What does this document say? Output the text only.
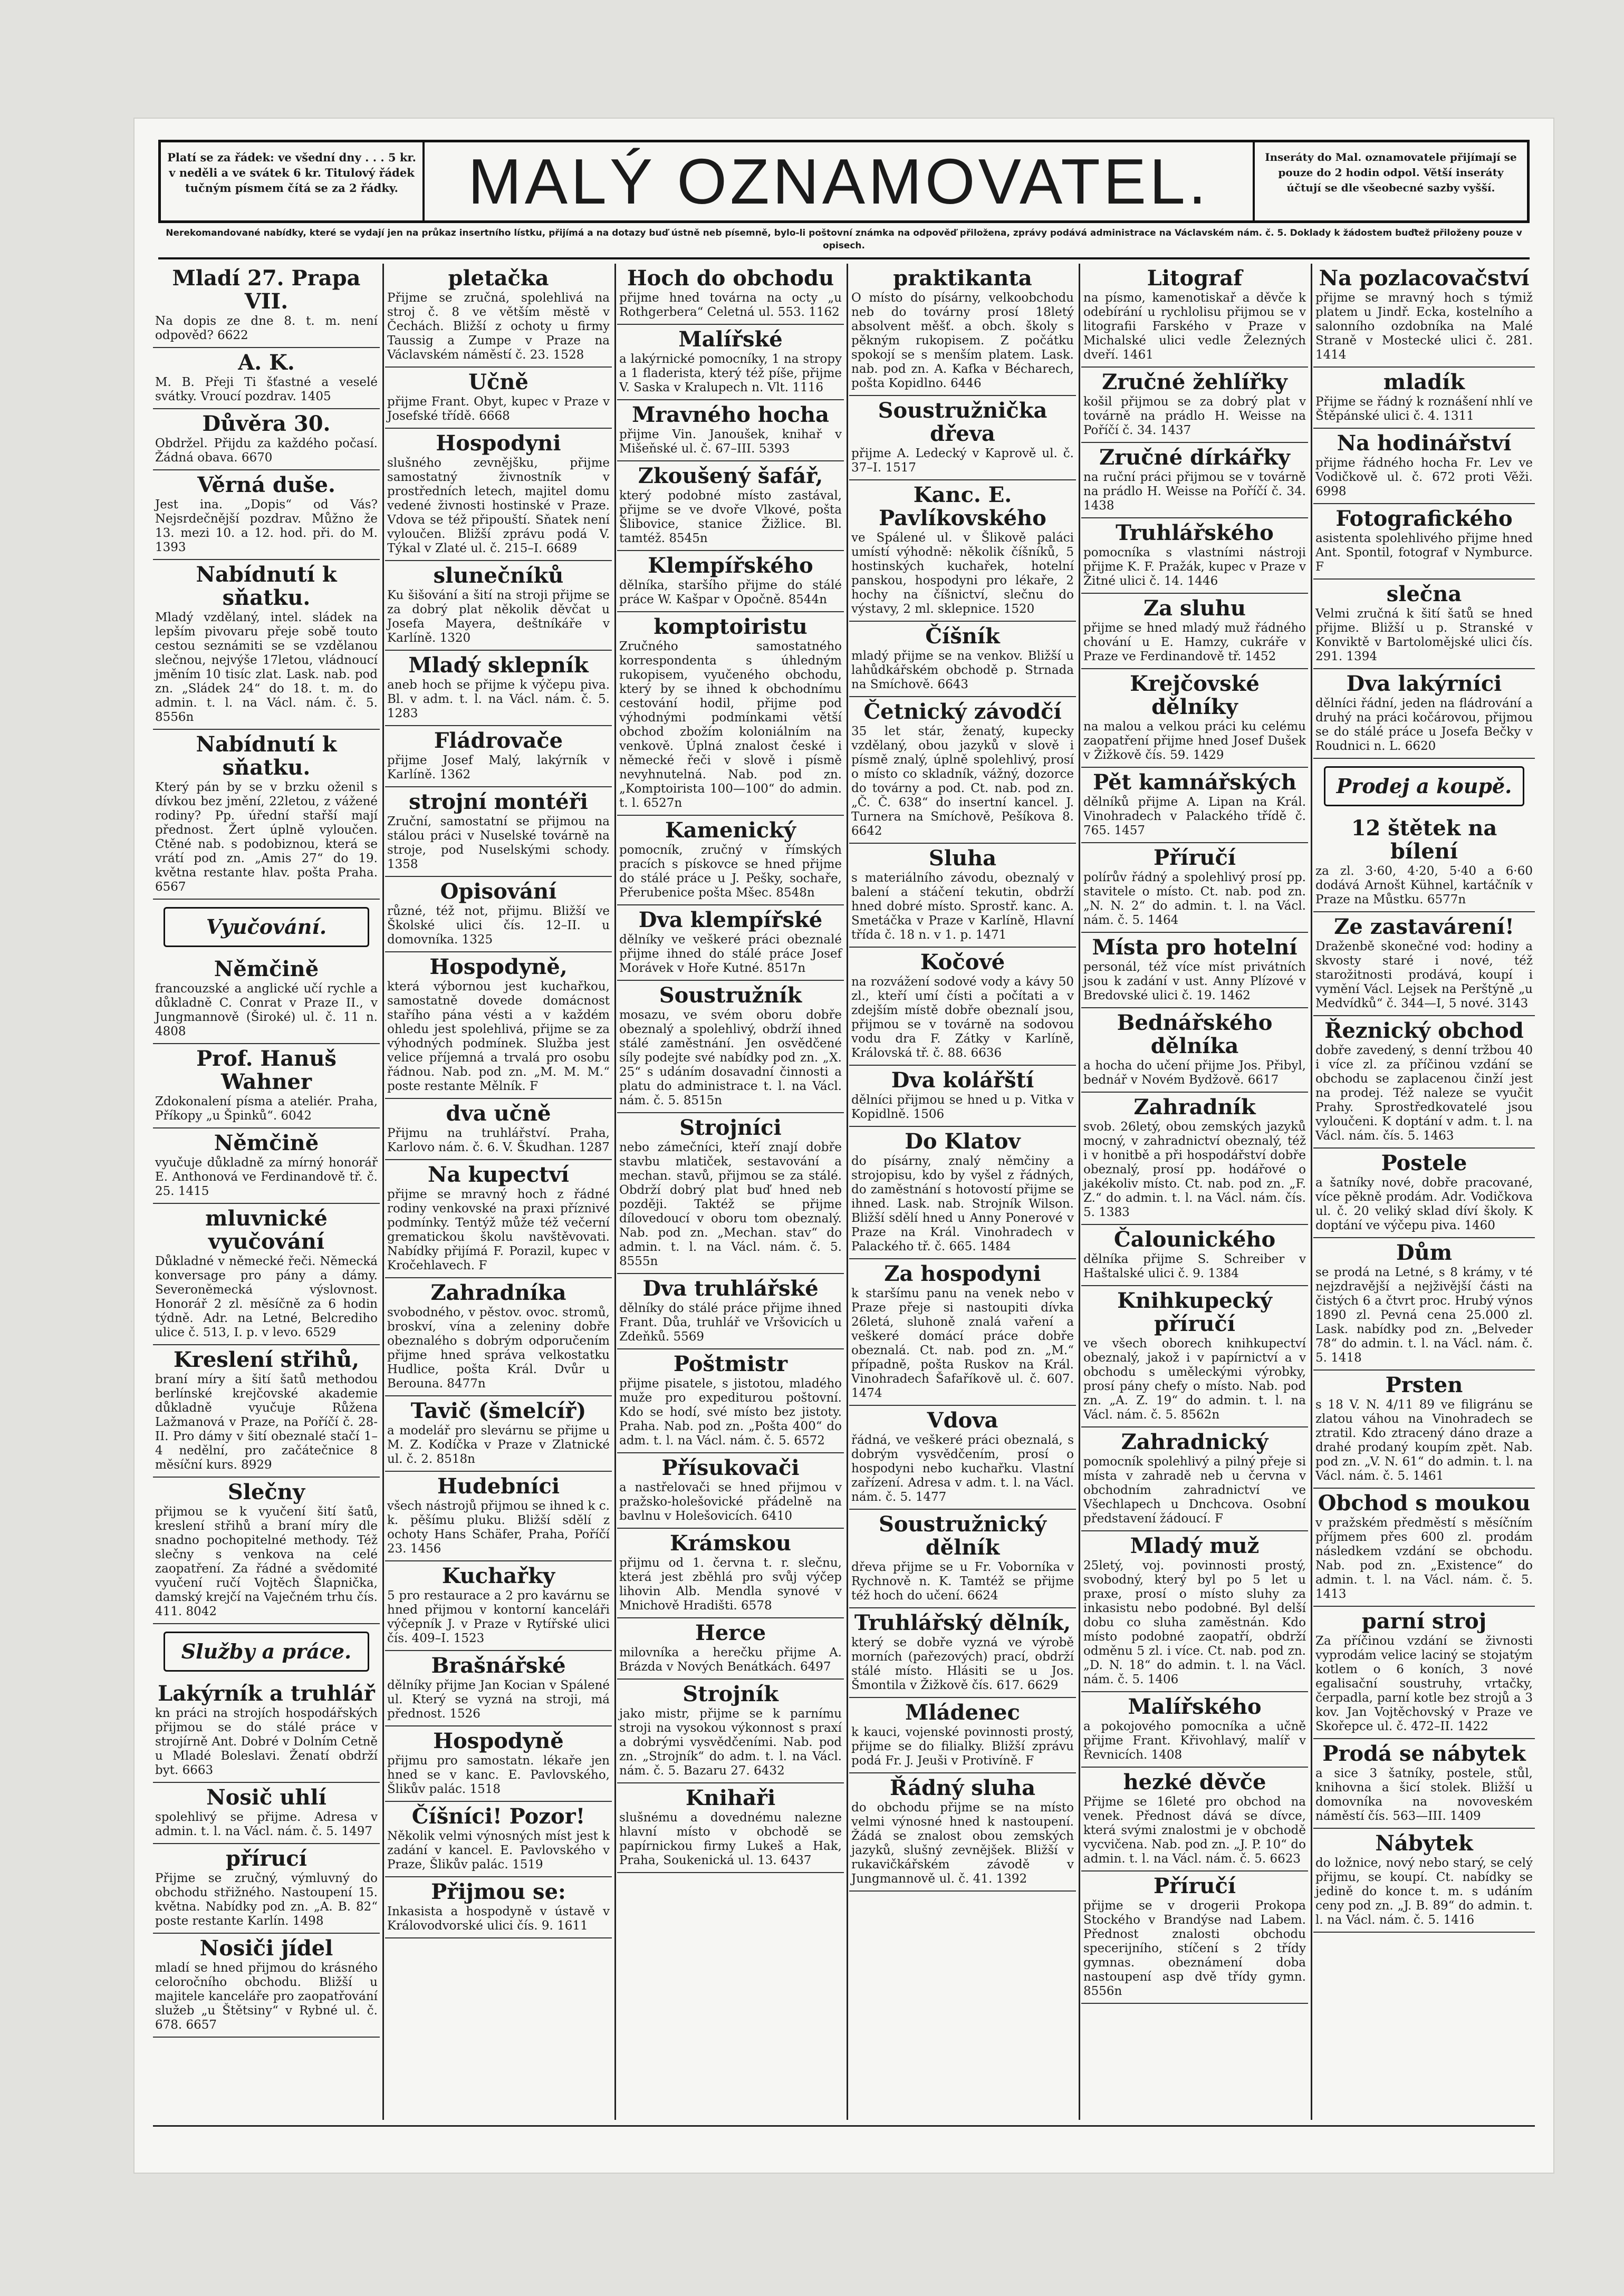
Platí se za řádek: ve všední dny . . . 5 kr. v neděli a ve svátek 6 kr. Titulový řádek tučným písmem čítá se za 2 řádky.	MALÝ OZNAMOVATEL.	Inseráty do Mal. oznamovatele přijímají se pouze do 2 hodin odpol. Větší inseráty účtují se dle všeobecné sazby vyšší.
Nerekomandované nabídky, které se vydají jen na průkaz insertního lístku, přijímá a na dotazy buď ústně neb písemně, bylo-li poštovní známka na odpověď přiložena, zprávy podává administrace na Václavském nám. č. 5. Doklady k žádostem buďtež přiloženy pouze v opisech.
Mladí 27. Prapa VII.
Na dopis ze dne 8. t. m. není odpověd? 6622
A. K.
M. B. Přeji Ti šťastné a veselé svátky. Vroucí pozdrav. 1405
Důvěra 30.
Obdržel. Přijdu za každého počasí. Žádná obava. 6670
Věrná duše.
Jest ina. „Dopis“ od Vás? Nejsrdečnější pozdrav. Můžno že 13. mezi 10. a 12. hod. při. do M. 1393
Nabídnutí k sňatku.
Mladý vzdělaný, intel. sládek na lepším pivovaru přeje sobě touto cestou seznámiti se se vzdělanou slečnou, nejvýše 17letou, vládnoucí jměním 10 tisíc zlat. Lask. nab. pod zn. „Sládek 24“ do 18. t. m. do admin. t. l. na Václ. nám. č. 5. 8556n
Nabídnutí k sňatku.
Který pán by se v brzku oženil s dívkou bez jmění, 22letou, z vážené rodiny? Pp. úřední stařší mají přednost. Žert úplně vyloučen. Ctěné nab. s podobiznou, která se vrátí pod zn. „Amis 27“ do 19. května restante hlav. pošta Praha. 6567
Vyučování.
Němčině
francouzské a anglické učí rychle a důkladně C. Conrat v Praze II., v Jungmannově (Široké) ul. č. 11 n. 4808
Prof. Hanuš Wahner
Zdokonalení písma a ateliér. Praha, Příkopy „u Špinků“. 6042
Němčině
vyučuje důkladně za mírný honorář E. Anthonová ve Ferdinandově tř. č. 25. 1415
mluvnické vyučování
Důkladné v německé řeči. Německá konversage pro pány a dámy. Severoněmecká výslovnost. Honorář 2 zl. měsíčně za 6 hodin týdně. Adr. na Letné, Belcrediho ulice č. 513, I. p. v levo. 6529
Kreslení střihů,
braní míry a šití šatů methodou berlínské krejčovské akademie důkladně vyučuje Růžena Lažmanová v Praze, na Poříčí č. 28-II. Pro dámy v šití obeznalé stačí 1–4 nedělní, pro začátečnice 8 měsíční kurs. 8929
Slečny
přijmou se k vyučení šití šatů, kreslení střihů a braní míry dle snadno pochopitelné methody. Též slečny s venkova na celé zaopatření. Za řádné a svědomité vyučení ručí Vojtěch Šlapnička, damský krejčí na Vaječném trhu čís. 411. 8042
Služby a práce.
Lakýrník a truhlář
kn práci na strojích hospodářských přijmou se do stálé práce v strojírně Ant. Dobré v Dolním Cetně u Mladé Boleslavi. Ženatí obdrží byt. 6663
Nosič uhlí
spolehlivý se přijme. Adresa v admin. t. l. na Václ. nám. č. 5. 1497
přírucí
Přijme se zručný, výmluvný do obchodu střižného. Nastoupení 15. května. Nabídky pod zn. „A. B. 82“ poste restante Karlín. 1498
Nosiči jídel
mladí se hned přijmou do krásného celoročního obchodu. Bližší u majitele kanceláře pro zaopatřování služeb „u Štětsiny“ v Rybné ul. č. 678. 6657
pletačka
Přijme se zručná, spolehlivá na stroj č. 8 ve větším městě v Čechách. Bližší z ochoty u firmy Taussig a Zumpe v Praze na Václavském náměstí č. 23. 1528
Učně
přijme Frant. Obyt, kupec v Praze v Josefské třídě. 6668
Hospodyni
slušného zevnějšku, přijme samostatný živnostník v prostředních letech, majitel domu vedené živnosti hostinské v Praze. Vdova se též připouští. Sňatek není vyloučen. Bližší zprávu podá V. Týkal v Zlaté ul. č. 215–I. 6689
slunečníků
Ku šišování a šití na stroji přijme se za dobrý plat několik děvčat u Josefa Mayera, deštníkáře v Karlíně. 1320
Mladý sklepník
aneb hoch se přijme k výčepu piva. Bl. v adm. t. l. na Václ. nám. č. 5. 1283
Fládrovače
přijme Josef Malý, lakýrník v Karlíně. 1362
strojní montéři
Zruční, samostatní se přijmou na stálou práci v Nuselské továrně na stroje, pod Nuselskými schody. 1358
Opisování
různé, též not, přijmu. Bližší ve Školské ulici čís. 12–II. u domovníka. 1325
Hospodyně,
která výbornou jest kuchařkou, samostatně dovede domácnost stařího pána vésti a v každém ohledu jest spolehlivá, přijme se za výhodných podmínek. Služba jest velice příjemná a trvalá pro osobu řádnou. Nab. pod zn. „M. M. M.“ poste restante Mělník. F
dva učně
Přijmu na truhlářství. Praha, Karlovo nám. č. 6. V. Škudhan. 1287
Na kupectví
přijme se mravný hoch z řádné rodiny venkovské na praxi příznivé podmínky. Tentýž může též večerní grematickou školu navštěvovati. Nabídky přijímá F. Porazil, kupec v Kročehlavech. F
Zahradníka
svobodného, v pěstov. ovoc. stromů, broskví, vína a zeleniny dobře obeznalého s dobrým odporučením přijme hned správa velkostatku Hudlice, pošta Král. Dvůr u Berouna. 8477n
Tavič (šmelcíř)
a modelář pro slevárnu se přijme u M. Z. Kodíčka v Praze v Zlatnické ul. č. 2. 8518n
Hudebníci
všech nástrojů přijmou se ihned k c. k. pěšímu pluku. Bližší sdělí z ochoty Hans Schäfer, Praha, Poříčí 23. 1456
Kuchařky
5 pro restaurace a 2 pro kavárnu se hned přijmou v kontorní kanceláři výčepník J. v Praze v Rytířské ulici čís. 409–I. 1523
Brašnářské
dělníky přijme Jan Kocian v Spálené ul. Který se vyzná na stroji, má přednost. 1526
Hospodyně
přijmu pro samostatn. lékaře jen hned se v kanc. E. Pavlovského, Šlikův palác. 1518
Číšníci! Pozor!
Několik velmi výnosných míst jest k zadání v kancel. E. Pavlovského v Praze, Šlikův palác. 1519
Přijmou se:
Inkasista a hospodyně v ústavě v Královodvorské ulici čís. 9. 1611
Hoch do obchodu
přijme hned továrna na octy „u Rothgerbera“ Celetná ul. 553. 1162
Malířské
a lakýrnické pomocníky, 1 na stropy a 1 fladerista, který též píše, přijme V. Saska v Kralupech n. Vlt. 1116
Mravného hocha
přijme Vin. Janoušek, knihař v Mišeňské ul. č. 67–III. 5393
Zkoušený šafář,
který podobné místo zastával, přijme se ve dvoře Vlkové, pošta Šlibovice, stanice Žižlice. Bl. tamtéž. 8545n
Klempířského
dělníka, staršího přijme do stálé práce W. Kašpar v Opočně. 8544n
komptoiristu
Zručného samostatného korrespondenta s úhledným rukopisem, vyučeného obchodu, který by se ihned k obchodnímu cestování hodil, přijme pod výhodnými podmínkami větší obchod zbožím koloniálním na venkově. Úplná znalost české i německé řeči v slově i písmě nevyhnutelná. Nab. pod zn. „Komptoirista 100—100“ do admin. t. l. 6527n
Kamenický
pomocník, zručný v římských pracích s pískovce se hned přijme do stálé práce u J. Pešky, sochaře, Přerubenice pošta Mšec. 8548n
Dva klempířské
dělníky ve veškeré práci obeznalé přijme ihned do stálé práce Josef Morávek v Hoře Kutné. 8517n
Soustružník
mosazu, ve svém oboru dobře obeznalý a spolehlivý, obdrží ihned stálé zaměstnání. Jen osvědčené síly podejte své nabídky pod zn. „X. 25“ s udáním dosavadní činnosti a platu do administrace t. l. na Václ. nám. č. 5. 8515n
Strojníci
nebo zámečníci, kteří znají dobře stavbu mlatiček, sestavování a mechan. stavů, přijmou se za stálé. Obdrží dobrý plat buď hned neb později. Taktéž se přijme dílovedoucí v oboru tom obeznalý. Nab. pod zn. „Mechan. stav“ do admin. t. l. na Václ. nám. č. 5. 8555n
Dva truhlářské
dělníky do stálé práce přijme ihned Frant. Důa, truhlář ve Vršovicích u Zdeňků. 5569
Poštmistr
přijme pisatele, s jistotou, mladého muže pro expediturou poštovní. Kdo se hodí, své místo bez jistoty. Praha. Nab. pod zn. „Pošta 400“ do adm. t. l. na Václ. nám. č. 5. 6572
Přísukovači
a nastřelovači se hned přijmou v pražsko-holešovické přádelně na bavlnu v Holešovicích. 6410
Krámskou
přijmu od 1. června t. r. slečnu, která jest zběhlá pro svůj výčep lihovin Alb. Mendla synové v Mnichově Hradišti. 6578
Herce
milovníka a herečku přijme A. Brázda v Nových Benátkách. 6497
Strojník
jako mistr, přijme se k parnímu stroji na vysokou výkonnost s praxí a dobrými vysvědčeními. Nab. pod zn. „Strojník“ do adm. t. l. na Václ. nám. č. 5. Bazaru 27. 6432
Knihaři
slušnému a dovednému nalezne hlavní místo v obchodě se papírnickou firmy Lukeš a Hak, Praha, Soukenická ul. 13. 6437
praktikanta
O místo do písárny, velkoobchodu neb do továrny prosí 18letý absolvent měšť. a obch. školy s pěkným rukopisem. Z počátku spokojí se s menším platem. Lask. nab. pod zn. A. Kafka v Bécharech, pošta Kopidlno. 6446
Soustružnička dřeva
přijme A. Ledecký v Kaprově ul. č. 37–I. 1517
Kanc. E. Pavlíkovského
ve Spálené ul. v Šlikově paláci umístí výhodně: několik číšníků, 5 hostinských kuchařek, hotelní panskou, hospodyni pro lékaře, 2 hochy na číšnictví, slečnu do výstavy, 2 ml. sklepnice. 1520
Číšník
mladý přijme se na venkov. Bližší u lahůdkářském obchodě p. Strnada na Smíchově. 6643
Četnický závodčí
35 let stár, ženatý, kupecky vzdělaný, obou jazyků v slově i písmě znalý, úplně spolehlivý, prosí o místo co skladník, vážný, dozorce do továrny a pod. Ct. nab. pod zn. „Č. Č. 638“ do insertní kancel. J. Turnera na Smíchově, Pešíkova 8. 6642
Sluha
s materiálního závodu, obeznalý v balení a stáčení tekutin, obdrží hned dobré místo. Sprostř. kanc. A. Smetáčka v Praze v Karlíně, Hlavní třída č. 18 n. v 1. p. 1471
Kočové
na rozvážení sodové vody a kávy 50 zl., kteří umí čísti a počítati a v zdejším místě dobře obeznalí jsou, přijmou se v továrně na sodovou vodu dra F. Zátky v Karlíně, Královská tř. č. 88. 6636
Dva kolářští
dělníci přijmou se hned u p. Vitka v Kopidlně. 1506
Do Klatov
do písárny, znalý němčiny a strojopisu, kdo by vyšel z řádných, do zaměstnání s hotovostí přijme se ihned. Lask. nab. Strojník Wilson. Bližší sdělí hned u Anny Ponerové v Praze na Král. Vinohradech v Palackého tř. č. 665. 1484
Za hospodyni
k staršímu panu na venek nebo v Praze přeje si nastoupiti dívka 26letá, sluhoně znalá vaření a veškeré domácí práce dobře obeznalá. Ct. nab. pod zn. „M.“ případně, pošta Ruskov na Král. Vinohradech Šafaříkově ul. č. 607. 1474
Vdova
řádná, ve veškeré práci obeznalá, s dobrým vysvědčením, prosí o hospodyni nebo kuchařku. Vlastní zařízení. Adresa v adm. t. l. na Václ. nám. č. 5. 1477
Soustružnický dělník
dřeva přijme se u Fr. Voborníka v Rychnově n. K. Tamtéž se přijme též hoch do učení. 6624
Truhlářský dělník,
který se dobře vyzná ve výrobě morních (pařezových) prací, obdrží stálé místo. Hlásiti se u Jos. Šmontila v Žižkově čís. 617. 6629
Mládenec
k kauci, vojenské povinnosti prostý, přijme se do filialky. Bližší zprávu podá Fr. J. Jeuši v Protivíně. F
Řádný sluha
do obchodu přijme se na místo velmi výnosné hned k nastoupení. Žádá se znalost obou zemských jazyků, slušný zevnějšek. Bližší v rukavičkářském závodě v Jungmannově ul. č. 41. 1392
Litograf
na písmo, kamenotiskař a děvče k odebírání u rychlolisu přijmou se v litografii Farského v Praze v Michalské ulici vedle Železných dveří. 1461
Zručné žehlířky
košil přijmou se za dobrý plat v továrně na prádlo H. Weisse na Poříčí č. 34. 1437
Zručné dírkářky
na ruční práci přijmou se v továrně na prádlo H. Weisse na Poříčí č. 34. 1438
Truhlářského
pomocníka s vlastními nástroji přijme K. F. Pražák, kupec v Praze v Žitné ulici č. 14. 1446
Za sluhu
přijme se hned mladý muž řádného chování u E. Hamzy, cukráře v Praze ve Ferdinandově tř. 1452
Krejčovské dělníky
na malou a velkou práci ku celému zaopatření přijme hned Josef Dušek v Žižkově čís. 59. 1429
Pět kamnářských
dělníků přijme A. Lipan na Král. Vinohradech v Palackého třídě č. 765. 1457
Příručí
polírův řádný a spolehlivý prosí pp. stavitele o místo. Ct. nab. pod zn. „N. N. 2“ do admin. t. l. na Václ. nám. č. 5. 1464
Místa pro hotelní
personál, též více míst privátních jsou k zadání v ust. Anny Plízové v Bredovské ulici č. 19. 1462
Bednářského dělníka
a hocha do učení přijme Jos. Přibyl, bednář v Novém Bydžově. 6617
Zahradník
svob. 26letý, obou zemských jazyků mocný, v zahradnictví obeznalý, též i v honitbě a při hospodářství dobře obeznalý, prosí pp. hodářové o jakékoliv místo. Ct. nab. pod zn. „F. Z.“ do admin. t. l. na Václ. nám. čís. 5. 1383
Čalounického
dělníka přijme S. Schreiber v Haštalské ulici č. 9. 1384
Knihkupecký příručí
ve všech oborech knihkupectví obeznalý, jakož i v papírnictví a v obchodu s uměleckými výrobky, prosí pány chefy o místo. Nab. pod zn. „A. Z. 19“ do admin. t. l. na Václ. nám. č. 5. 8562n
Zahradnický
pomocník spolehlivý a pilný přeje si místa v zahradě neb u června v obchodním zahradnictví ve Všechlapech u Dnchcova. Osobní představení žádoucí. F
Mladý muž
25letý, voj. povinnosti prostý, svobodný, který byl po 5 let u praxe, prosí o místo sluhy za inkasistu nebo podobné. Byl delší dobu co sluha zaměstnán. Kdo místo podobné zaopatří, obdrží odměnu 5 zl. i více. Ct. nab. pod zn. „D. N. 18“ do admin. t. l. na Václ. nám. č. 5. 1406
Malířského
a pokojového pomocníka a učně přijme Frant. Křivohlavý, malíř v Řevnicích. 1408
hezké děvče
Přijme se 16leté pro obchod na venek. Přednost dává se dívce, která svými znalostmi je v obchodě vycvičena. Nab. pod zn. „J. P. 10“ do admin. t. l. na Václ. nám. č. 5. 6623
Příručí
přijme se v drogerii Prokopa Stockého v Brandýse nad Labem. Přednost znalosti obchodu specerijního, stíčení s 2 třídy gymnas. obeznámení doba nastoupení asp dvě třídy gymn. 8556n
Na pozlacovačství
přijme se mravný hoch s týmiž platem u Jindř. Ecka, kostelního a salonního ozdobníka na Malé Straně v Mostecké ulici č. 281. 1414
mladík
Přijme se řádný k roznášení nhlí ve Štěpánské ulici č. 4. 1311
Na hodinářství
přijme řádného hocha Fr. Lev ve Vodičkově ul. č. 672 proti Věži. 6998
Fotografického
asistenta spolehlivého přijme hned Ant. Spontil, fotograf v Nymburce. F
slečna
Velmi zručná k šití šatů se hned přijme. Bližší u p. Stranské v Konviktě v Bartolomějské ulici čís. 291. 1394
Dva lakýrníci
dělníci řádní, jeden na fládrování a druhý na práci kočárovou, přijmou se do stálé práce u Josefa Bečky v Roudnici n. L. 6620
Prodej a koupě.
12 štětek na bílení
za zl. 3·60, 4·20, 5·40 a 6·60 dodává Arnošt Kühnel, kartáčník v Praze na Můstku. 6577n
Ze zastavárení!
Draženbě skonečné vod: hodiny a skvosty staré i nové, též starožitnosti prodává, koupí i vymění Václ. Lejsek na Perštýně „u Medvídků“ č. 344—I, 5 nové. 3143
Řeznický obchod
dobře zavedený, s denní tržbou 40 i více zl. za příčinou vzdání se obchodu se zaplacenou činží jest na prodej. Též naleze se vyučit Prahy. Sprostředkovatelé jsou vyloučeni. K doptání v adm. t. l. na Václ. nám. čís. 5. 1463
Postele
a šatníky nové, dobře pracované, více pěkně prodám. Adr. Vodičkova ul. č. 20 veliký sklad díví školy. K doptání ve výčepu piva. 1460
Dům
se prodá na Letné, s 8 krámy, v té nejzdravější a nejživější části na čistých 6 a čtvrt proc. Hrubý výnos 1890 zl. Pevná cena 25.000 zl. Lask. nabídky pod zn. „Belveder 78“ do admin. t. l. na Václ. nám. č. 5. 1418
Prsten
s 18 V. N. 4/11 89 ve filigránu se zlatou váhou na Vinohradech se ztratil. Kdo ztracený dáno draze a drahé prodaný koupím zpět. Nab. pod zn. „V. N. 61“ do admin. t. l. na Václ. nám. č. 5. 1461
Obchod s moukou
v pražském předměstí s měsíčním příjmem přes 600 zl. prodám následkem vzdání se obchodu. Nab. pod zn. „Existence“ do admin. t. l. na Václ. nám. č. 5. 1413
parní stroj
Za příčinou vzdání se živnosti vyprodám velice laciný se stojatým kotlem o 6 koních, 3 nové egalisační soustruhy, vrtačky, čerpadla, parní kotle bez strojů a 3 kov. Jan Vojtěchovský v Praze ve Skořepce ul. č. 472–II. 1422
Prodá se nábytek
a sice 3 šatníky, postele, stůl, knihovna a šicí stolek. Bližší u domovníka na novoveském náměstí čís. 563—III. 1409
Nábytek
do ložnice, nový nebo starý, se celý přijmu, se koupí. Ct. nabídky se jedině do konce t. m. s udáním ceny pod zn. „J. B. 89“ do admin. t. l. na Václ. nám. č. 5. 1416
